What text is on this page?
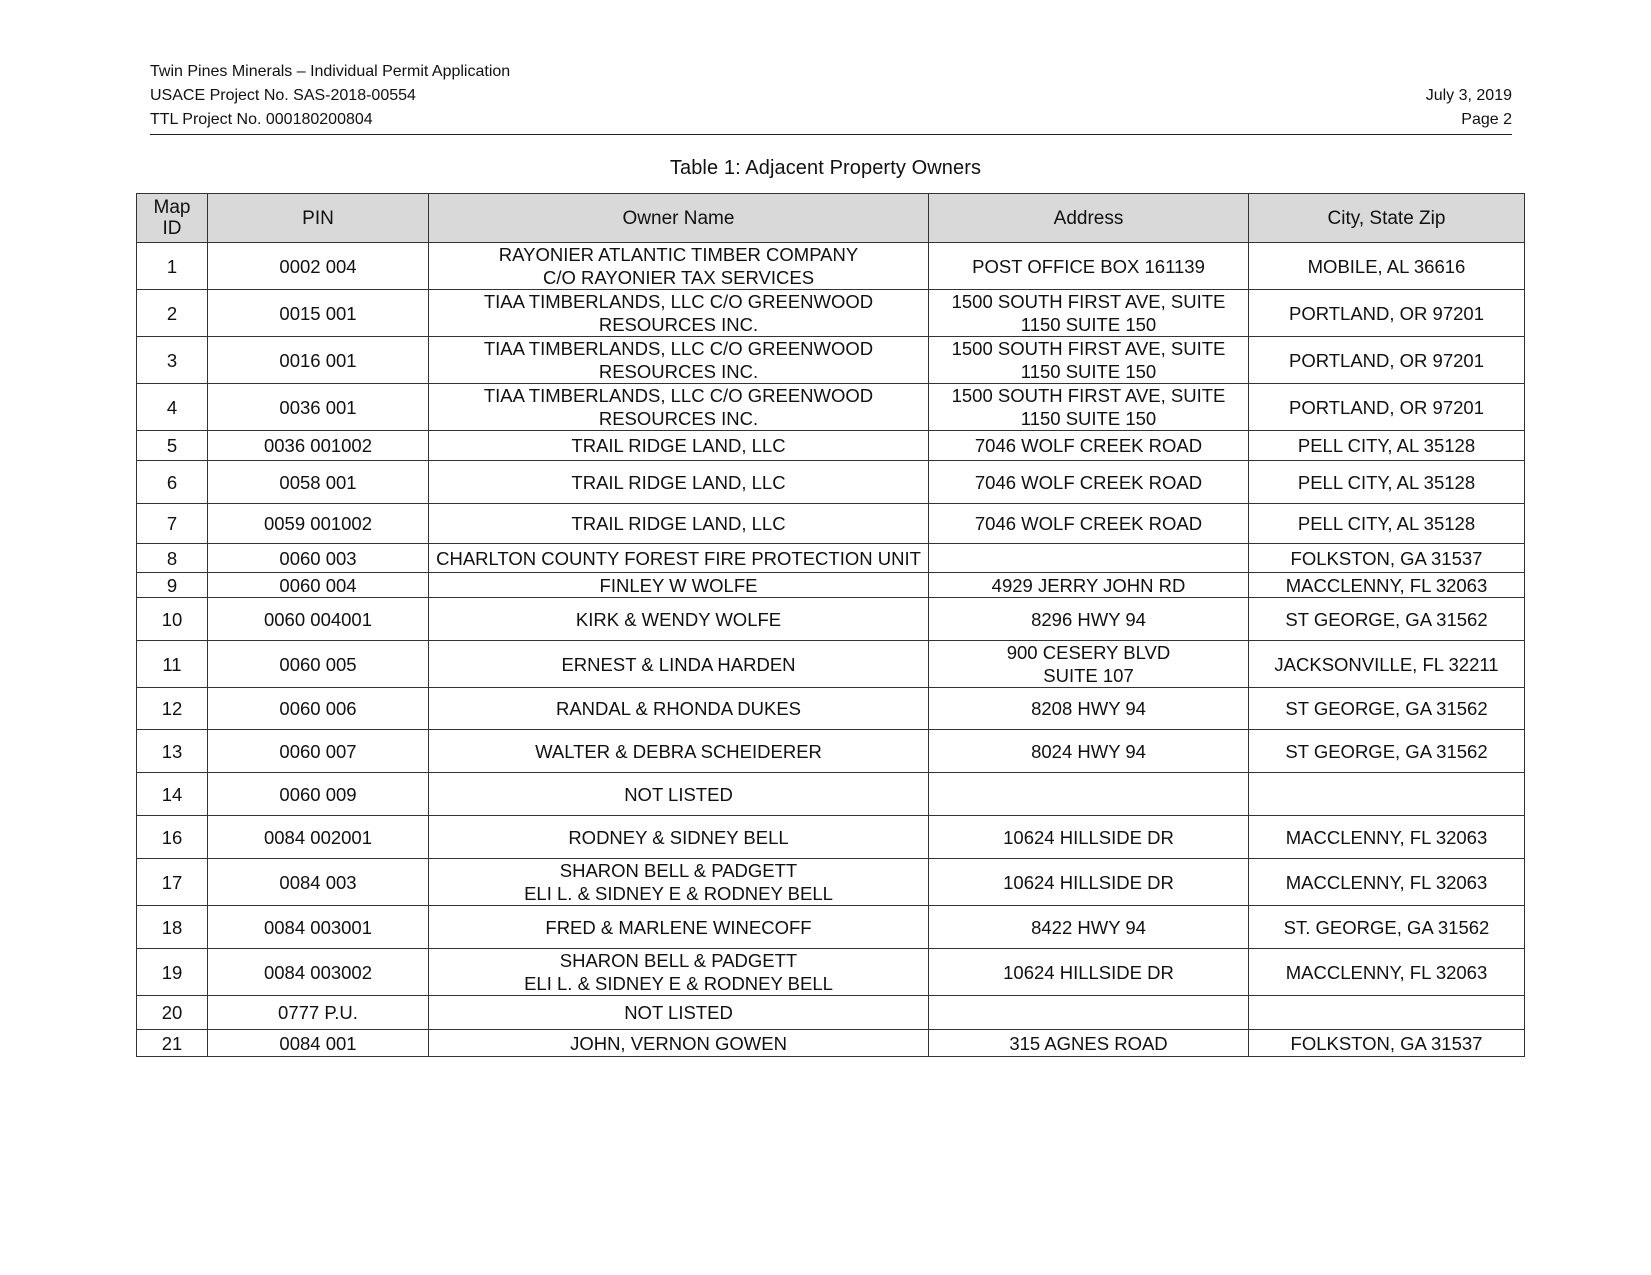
Twin Pines Minerals – Individual Permit Application
USACE Project No. SAS-2018-00554
TTL Project No. 000180200804
July 3, 2019
Page 2
Table 1: Adjacent Property Owners
Map
ID	PIN	Owner Name	Address	City, State Zip
1	0002 004	RAYONIER ATLANTIC TIMBER COMPANY
C/O RAYONIER TAX SERVICES	POST OFFICE BOX 161139	MOBILE, AL 36616
2	0015 001	TIAA TIMBERLANDS, LLC C/O GREENWOOD
RESOURCES INC.	1500 SOUTH FIRST AVE, SUITE
1150 SUITE 150	PORTLAND, OR 97201
3	0016 001	TIAA TIMBERLANDS, LLC C/O GREENWOOD
RESOURCES INC.	1500 SOUTH FIRST AVE, SUITE
1150 SUITE 150	PORTLAND, OR 97201
4	0036 001	TIAA TIMBERLANDS, LLC C/O GREENWOOD
RESOURCES INC.	1500 SOUTH FIRST AVE, SUITE
1150 SUITE 150	PORTLAND, OR 97201
5	0036 001002	TRAIL RIDGE LAND, LLC	7046 WOLF CREEK ROAD	PELL CITY, AL 35128
6	0058 001	TRAIL RIDGE LAND, LLC	7046 WOLF CREEK ROAD	PELL CITY, AL 35128
7	0059 001002	TRAIL RIDGE LAND, LLC	7046 WOLF CREEK ROAD	PELL CITY, AL 35128
8	0060 003	CHARLTON COUNTY FOREST FIRE PROTECTION UNIT		FOLKSTON, GA 31537
9	0060 004	FINLEY W WOLFE	4929 JERRY JOHN RD	MACCLENNY, FL 32063
10	0060 004001	KIRK & WENDY WOLFE	8296 HWY 94	ST GEORGE, GA 31562
11	0060 005	ERNEST & LINDA HARDEN	900 CESERY BLVD
SUITE 107	JACKSONVILLE, FL 32211
12	0060 006	RANDAL & RHONDA DUKES	8208 HWY 94	ST GEORGE, GA 31562
13	0060 007	WALTER & DEBRA SCHEIDERER	8024 HWY 94	ST GEORGE, GA 31562
14	0060 009	NOT LISTED		

16	0084 002001	RODNEY & SIDNEY BELL	10624 HILLSIDE DR	MACCLENNY, FL 32063
17	0084 003	SHARON BELL & PADGETT
ELI L. & SIDNEY E & RODNEY BELL	10624 HILLSIDE DR	MACCLENNY, FL 32063
18	0084 003001	FRED & MARLENE WINECOFF	8422 HWY 94	ST. GEORGE, GA 31562
19	0084 003002	SHARON BELL & PADGETT
ELI L. & SIDNEY E & RODNEY BELL	10624 HILLSIDE DR	MACCLENNY, FL 32063
20	0777 P.U.	NOT LISTED		

21	0084 001	JOHN, VERNON GOWEN	315 AGNES ROAD	FOLKSTON, GA 31537
